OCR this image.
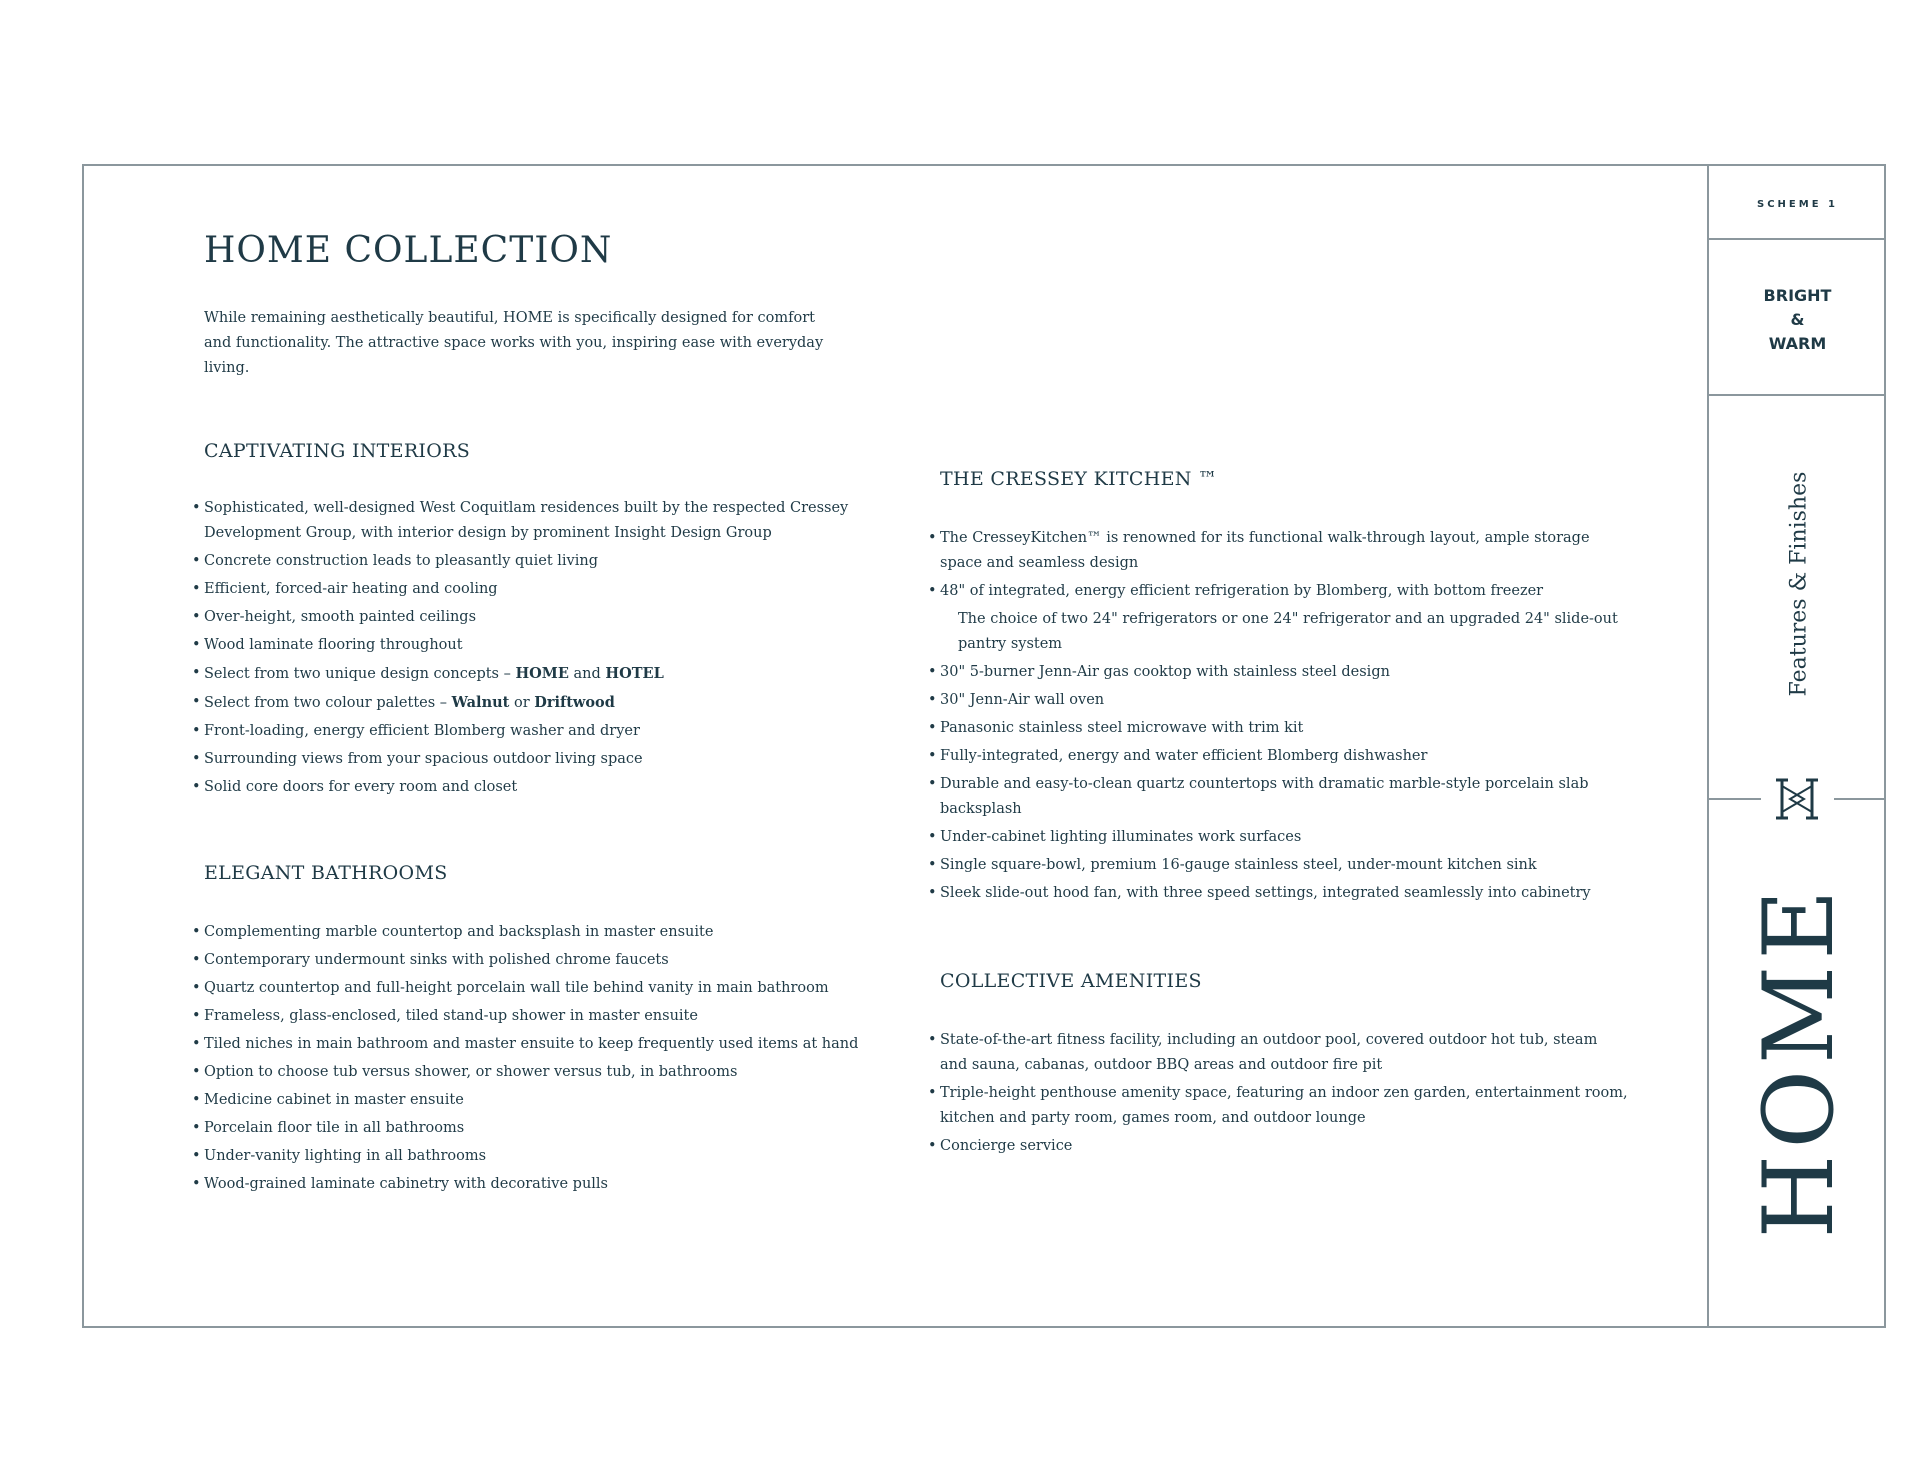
SCHEME 1
BRIGHT
&
WARM
Features & Finishes
HOME
HOME COLLECTION

While remaining aesthetically beautiful, HOME is specifically designed for comfort and functionality. The attractive space works with you, inspiring ease with everyday living.

CAPTIVATING INTERIORS
• Sophisticated, well-designed West Coquitlam residences built by the respected Cressey Development Group, with interior design by prominent Insight Design Group
• Concrete construction leads to pleasantly quiet living
• Efficient, forced-air heating and cooling
• Over-height, smooth painted ceilings
• Wood laminate flooring throughout
• Select from two unique design concepts – HOME and HOTEL
• Select from two colour palettes – Walnut or Driftwood
• Front-loading, energy efficient Blomberg washer and dryer
• Surrounding views from your spacious outdoor living space
• Solid core doors for every room and closet
ELEGANT BATHROOMS
• Complementing marble countertop and backsplash in master ensuite
• Contemporary undermount sinks with polished chrome faucets
• Quartz countertop and full-height porcelain wall tile behind vanity in main bathroom
• Frameless, glass-enclosed, tiled stand-up shower in master ensuite
• Tiled niches in main bathroom and master ensuite to keep frequently used items at hand
• Option to choose tub versus shower, or shower versus tub, in bathrooms
• Medicine cabinet in master ensuite
• Porcelain floor tile in all bathrooms
• Under-vanity lighting in all bathrooms
• Wood-grained laminate cabinetry with decorative pulls
THE CRESSEY KITCHEN ™
• The CresseyKitchen™ is renowned for its functional walk-through layout, ample storage space and seamless design
• 48" of integrated, energy efficient refrigeration by Blomberg, with bottom freezer
The choice of two 24" refrigerators or one 24" refrigerator and an upgraded 24" slide-out pantry system
• 30" 5-burner Jenn-Air gas cooktop with stainless steel design
• 30" Jenn-Air wall oven
• Panasonic stainless steel microwave with trim kit
• Fully-integrated, energy and water efficient Blomberg dishwasher
• Durable and easy-to-clean quartz countertops with dramatic marble-style porcelain slab backsplash
• Under-cabinet lighting illuminates work surfaces
• Single square-bowl, premium 16-gauge stainless steel, under-mount kitchen sink
• Sleek slide-out hood fan, with three speed settings, integrated seamlessly into cabinetry
COLLECTIVE AMENITIES
• State-of-the-art fitness facility, including an outdoor pool, covered outdoor hot tub, steam and sauna, cabanas, outdoor BBQ areas and outdoor fire pit
• Triple-height penthouse amenity space, featuring an indoor zen garden, entertainment room, kitchen and party room, games room, and outdoor lounge
• Concierge service
